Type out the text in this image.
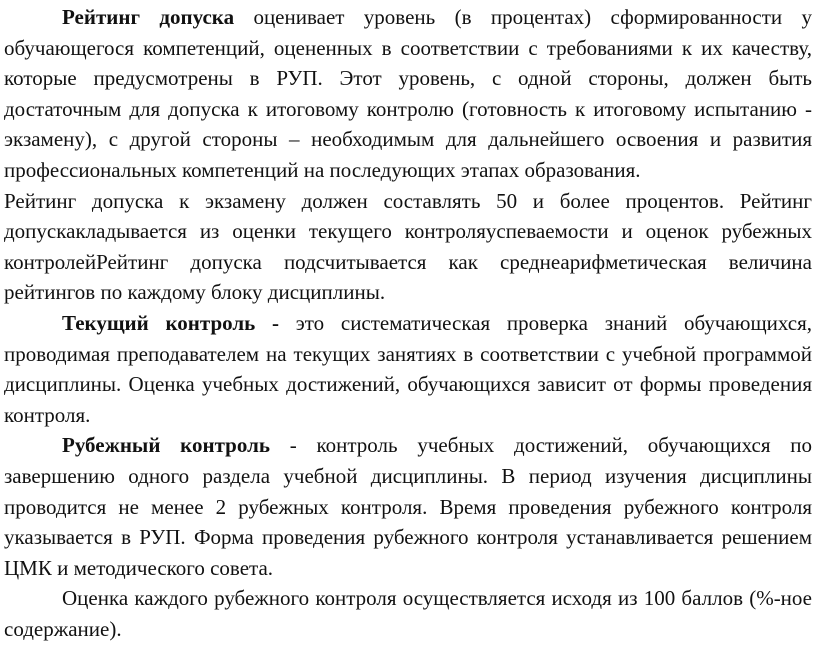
Рейтинг допуска оценивает уровень (в процентах) сформированности у обучающегося компетенций, оцененных в соответствии с требованиями к их качеству, которые предусмотрены в РУП. Этот уровень, с одной стороны, должен быть достаточным для допуска к итоговому контролю (готовность к итоговому испытанию - экзамену), с другой стороны – необходимым для дальнейшего освоения и развития профессиональных компетенций на последующих этапах образования.

Рейтинг допуска к экзамену должен составлять 50 и более процентов. Рейтинг допускакладывается из оценки текущего контроляуспеваемости и оценок рубежных контролейРейтинг допуска подсчитывается как среднеарифметическая величина рейтингов по каждому блоку дисциплины.

Текущий контроль - это систематическая проверка знаний обучающихся, проводимая преподавателем на текущих занятиях в соответствии с учебной программой дисциплины. Оценка учебных достижений, обучающихся зависит от формы проведения контроля.

Рубежный контроль - контроль учебных достижений, обучающихся по завершению одного раздела учебной дисциплины. В период изучения дисциплины проводится не менее 2 рубежных контроля. Время проведения рубежного контроля указывается в РУП. Форма проведения рубежного контроля устанавливается решением ЦМК и методического совета.

Оценка каждого рубежного контроля осуществляется исходя из 100 баллов (%-ное содержание).
